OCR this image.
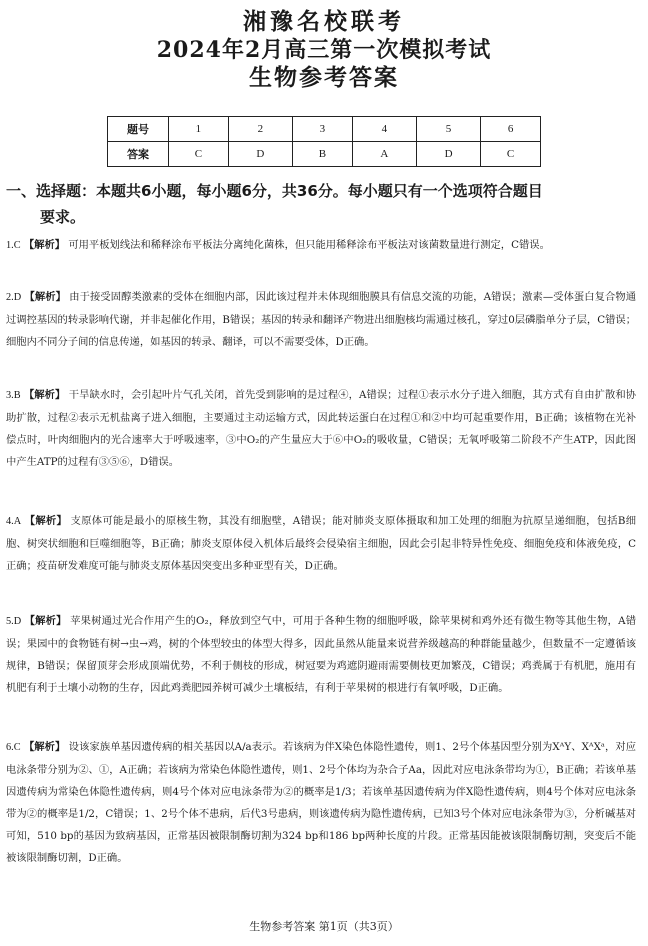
湘豫名校联考
2024年2月高三第一次模拟考试
生物参考答案
题号	1	2	3	4	5	6
答案	C	D	B	A	D	C
一、选择题：本题共6小题，每小题6分，共36分。每小题只有一个选项符合题目
要求。
1.C 【解析】 可用平板划线法和稀释涂布平板法分离纯化菌株，但只能用稀释涂布平板法对该菌数量进行测定，C错误。
2.D 【解析】 由于接受固醇类激素的受体在细胞内部，因此该过程并未体现细胞膜具有信息交流的功能，A错误；激素—受体蛋白复合物通过调控基因的转录影响代谢，并非起催化作用，B错误；基因的转录和翻译产物进出细胞核均需通过核孔，穿过0层磷脂单分子层，C错误；细胞内不同分子间的信息传递，如基因的转录、翻译，可以不需要受体，D正确。
3.B 【解析】 干旱缺水时，会引起叶片气孔关闭，首先受到影响的是过程④，A错误；过程①表示水分子进入细胞，其方式有自由扩散和协助扩散，过程②表示无机盐离子进入细胞，主要通过主动运输方式，因此转运蛋白在过程①和②中均可起重要作用，B正确；该植物在光补偿点时，叶肉细胞内的光合速率大于呼吸速率，③中O₂的产生量应大于⑥中O₂的吸收量，C错误；无氧呼吸第二阶段不产生ATP，因此图中产生ATP的过程有③⑤⑥，D错误。
4.A 【解析】 支原体可能是最小的原核生物，其没有细胞壁，A错误；能对肺炎支原体摄取和加工处理的细胞为抗原呈递细胞，包括B细胞、树突状细胞和巨噬细胞等，B正确；肺炎支原体侵入机体后最终会侵染宿主细胞，因此会引起非特异性免疫、细胞免疫和体液免疫，C正确；疫苗研发难度可能与肺炎支原体基因突变出多种亚型有关，D正确。
5.D 【解析】 苹果树通过光合作用产生的O₂，释放到空气中，可用于各种生物的细胞呼吸，除苹果树和鸡外还有微生物等其他生物，A错误；果园中的食物链有树→虫→鸡，树的个体型较虫的体型大得多，因此虽然从能量来说营养级越高的种群能量越少，但数量不一定遵循该规律，B错误；保留顶芽会形成顶端优势，不利于侧枝的形成，树冠要为鸡遮阴避雨需要侧枝更加繁茂，C错误；鸡粪属于有机肥，施用有机肥有利于土壤小动物的生存，因此鸡粪肥园养树可减少土壤板结，有利于苹果树的根进行有氧呼吸，D正确。
6.C 【解析】 设该家族单基因遗传病的相关基因以A/a表示。若该病为伴X染色体隐性遗传，则1、2号个体基因型分别为XᴬY、XᴬXᵃ，对应电泳条带分别为②、①，A正确；若该病为常染色体隐性遗传，则1、2号个体均为杂合子Aa，因此对应电泳条带均为①，B正确；若该单基因遗传病为常染色体隐性遗传病，则4号个体对应电泳条带为②的概率是1/3；若该单基因遗传病为伴X隐性遗传病，则4号个体对应电泳条带为②的概率是1/2，C错误；1、2号个体不患病，后代3号患病，则该遗传病为隐性遗传病，已知3号个体对应电泳条带为③，分析碱基对可知，510 bp的基因为致病基因，正常基因被限制酶切割为324 bp和186 bp两种长度的片段。正常基因能被该限制酶切割，突变后不能被该限制酶切割，D正确。
生物参考答案 第1页（共3页）
